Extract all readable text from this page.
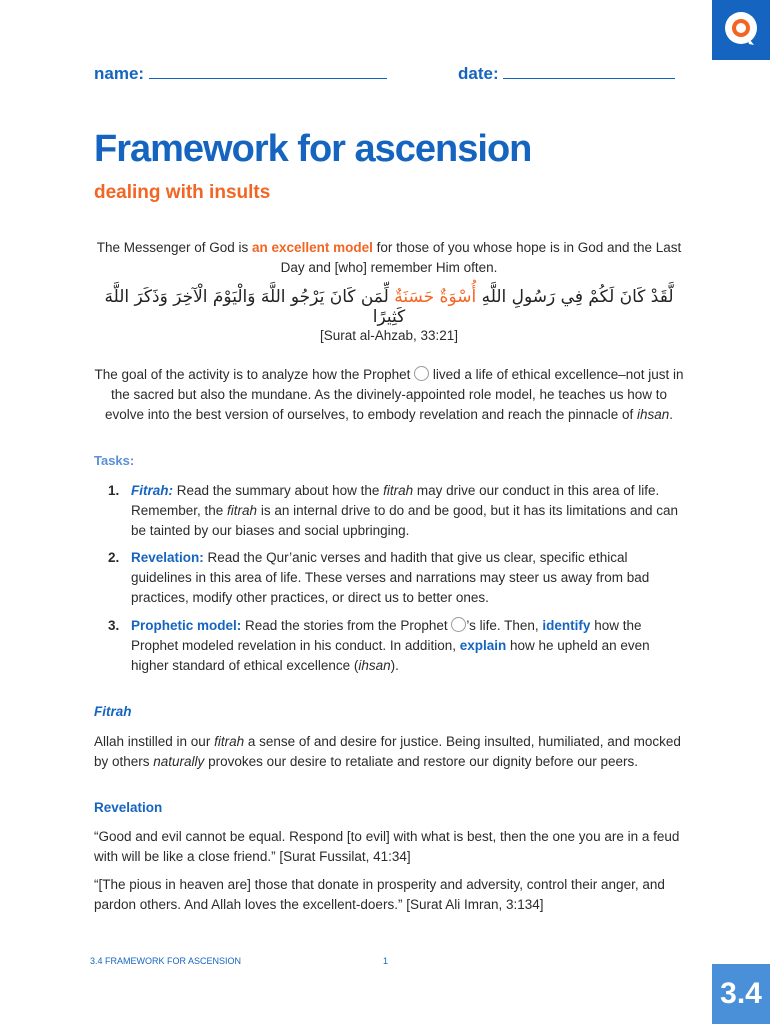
name:	date:
Framework for ascension
dealing with insults
The Messenger of God is an excellent model for those of you whose hope is in God and the Last Day and [who] remember Him often.
لَّقَدْ كَانَ لَكُمْ فِي رَسُولِ اللَّهِ أُسْوَةٌ حَسَنَةٌ لِّمَن كَانَ يَرْجُو اللَّهَ وَالْيَوْمَ الْآخِرَ وَذَكَرَ اللَّهَ كَثِيرًا
[Surat al-Ahzab, 33:21]
The goal of the activity is to analyze how the Prophet  lived a life of ethical excellence–not just in the sacred but also the mundane. As the divinely-appointed role model, he teaches us how to evolve into the best version of ourselves, to embody revelation and reach the pinnacle of ihsan.
Tasks:
1. Fitrah: Read the summary about how the fitrah may drive our conduct in this area of life. Remember, the fitrah is an internal drive to do and be good, but it has its limitations and can be tainted by our biases and social upbringing.
2. Revelation: Read the Qur’anic verses and hadith that give us clear, specific ethical guidelines in this area of life. These verses and narrations may steer us away from bad practices, modify other practices, or direct us to better ones.
3. Prophetic model: Read the stories from the Prophet ’s life. Then, identify how the Prophet modeled revelation in his conduct. In addition, explain how he upheld an even higher standard of ethical excellence (ihsan).
Fitrah
Allah instilled in our fitrah a sense of and desire for justice. Being insulted, humiliated, and mocked by others naturally provokes our desire to retaliate and restore our dignity before our peers.
Revelation
“Good and evil cannot be equal. Respond [to evil] with what is best, then the one you are in a feud with will be like a close friend.” [Surat Fussilat, 41:34]
“[The pious in heaven are] those that donate in prosperity and adversity, control their anger, and pardon others. And Allah loves the excellent-doers.” [Surat Ali Imran, 3:134]
3.4 FRAMEWORK FOR ASCENSION	1
3.4
